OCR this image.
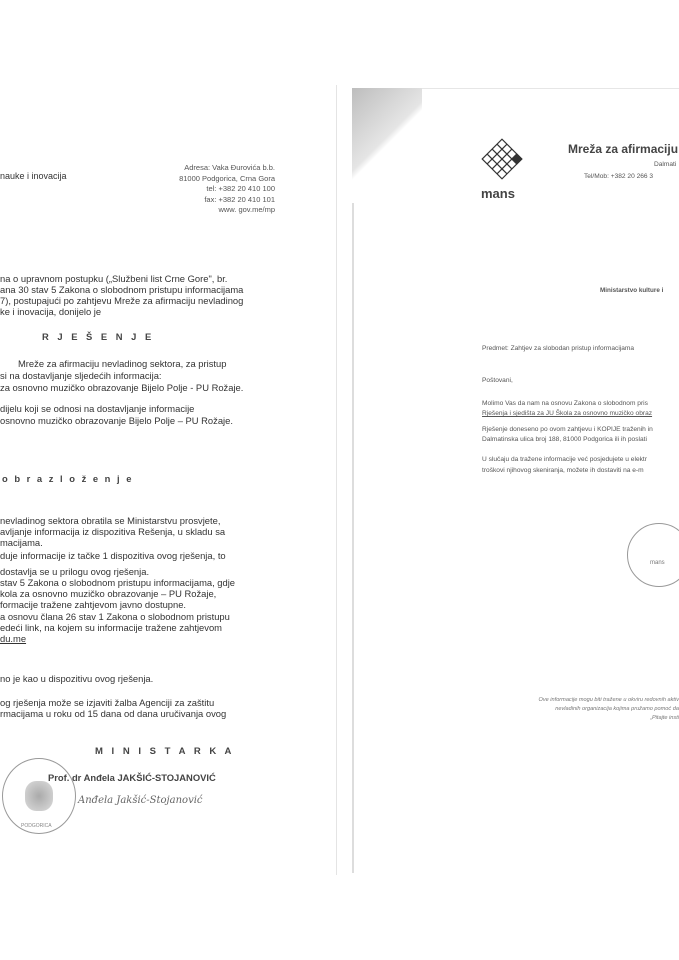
nauke i inovacija
Adresa: Vaka Đurovića b.b.
81000 Podgorica, Crna Gora
tel: +382 20 410 100
fax: +382 20 410 101
www. gov.me/mp
na o upravnom postupku („Službeni list Crne Gore", br.
ana 30 stav 5 Zakona o slobodnom pristupu informacijama
7), postupajući po zahtjevu Mreže za afirmaciju nevladinog
ke i inovacija, donijelo je
R J E Š E N J E
Mreže za afirmaciju nevladinog sektora, za pristup
si na dostavljanje sljedećih informacija:
za osnovno muzičko obrazovanje Bijelo Polje - PU Rožaje.
dijelu koji se odnosi na dostavljanje informacije
osnovno muzičko obrazovanje Bijelo Polje – PU Rožaje.
o b r a z l o ž e n j e
nevladinog sektora obratila se Ministarstvu prosvjete,
avljanje informacija iz dispozitiva Rešenja, u skladu sa
macijama.
duje informacije iz tačke 1 dispozitiva ovog rješenja, to
dostavlja se u prilogu ovog rješenja.
stav 5 Zakona o slobodnom pristupu informacijama, gdje
kola za osnovno muzičko obrazovanje – PU Rožaje,
formacije tražene zahtjevom javno dostupne.
a osnovu člana 26 stav 1 Zakona o slobodnom pristupu
edeći link, na kojem su informacije tražene zahtjevom
du.me
no je kao u dispozitivu ovog rješenja.
og rješenja može se izjaviti žalba Agenciji za zaštitu
rmacijama u roku od 15 dana od dana uručivanja ovog
M I N I S T A R K A
Prof. dr Anđela JAKŠIĆ-STOJANOVIĆ
Anđela Jakšić-Stojanović
PODGORICA
mans
Mreža za afirmaciju
Dalmati
Tel/Mob: +382 20 266 3
Ministarstvo kulture i
Predmet: Zahtjev za slobodan pristup informacijama
Poštovani,
Molimo Vas da nam na osnovu Zakona o slobodnom pris
Rješenja i sjedišta za JU Škola za osnovno muzičko obraz
Rješenje doneseno po ovom zahtjevu i KOPIJE traženih in
Dalmatinska ulica broj 188, 81000 Podgorica ili ih poslati
U slučaju da tražene informacije već posjedujete u elektr
troškovi njihovog skeniranja, možete ih dostaviti na e-m
mans
Ove informacije mogu biti tražene u okviru redovnih aktiv
nevladinih organizacija kojima pružamo pomoć da
„Pitajte insti
